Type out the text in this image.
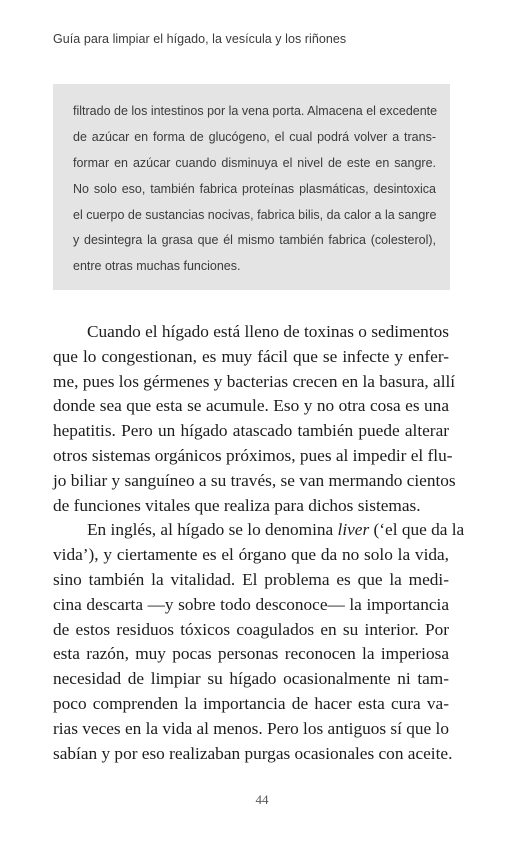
Guía para limpiar el hígado, la vesícula y los riñones
filtrado de los intestinos por la vena porta. Almacena el excedente
de azúcar en forma de glucógeno, el cual podrá volver a trans-
formar en azúcar cuando disminuya el nivel de este en sangre.
No solo eso, también fabrica proteínas plasmáticas, desintoxica
el cuerpo de sustancias nocivas, fabrica bilis, da calor a la sangre
y desintegra la grasa que él mismo también fabrica (colesterol),
entre otras muchas funciones.
Cuando el hígado está lleno de toxinas o sedimentos
que lo congestionan, es muy fácil que se infecte y enfer-
me, pues los gérmenes y bacterias crecen en la basura, allí
donde sea que esta se acumule. Eso y no otra cosa es una
hepatitis. Pero un hígado atascado también puede alterar
otros sistemas orgánicos próximos, pues al impedir el flu-
jo biliar y sanguíneo a su través, se van mermando cientos
de funciones vitales que realiza para dichos sistemas.
En inglés, al hígado se lo denomina liver (‘el que da la
vida’), y ciertamente es el órgano que da no solo la vida,
sino también la vitalidad. El problema es que la medi-
cina descarta —y sobre todo desconoce— la importancia
de estos residuos tóxicos coagulados en su interior. Por
esta razón, muy pocas personas reconocen la imperiosa
necesidad de limpiar su hígado ocasionalmente ni tam-
poco comprenden la importancia de hacer esta cura va-
rias veces en la vida al menos. Pero los antiguos sí que lo
sabían y por eso realizaban purgas ocasionales con aceite.
44
